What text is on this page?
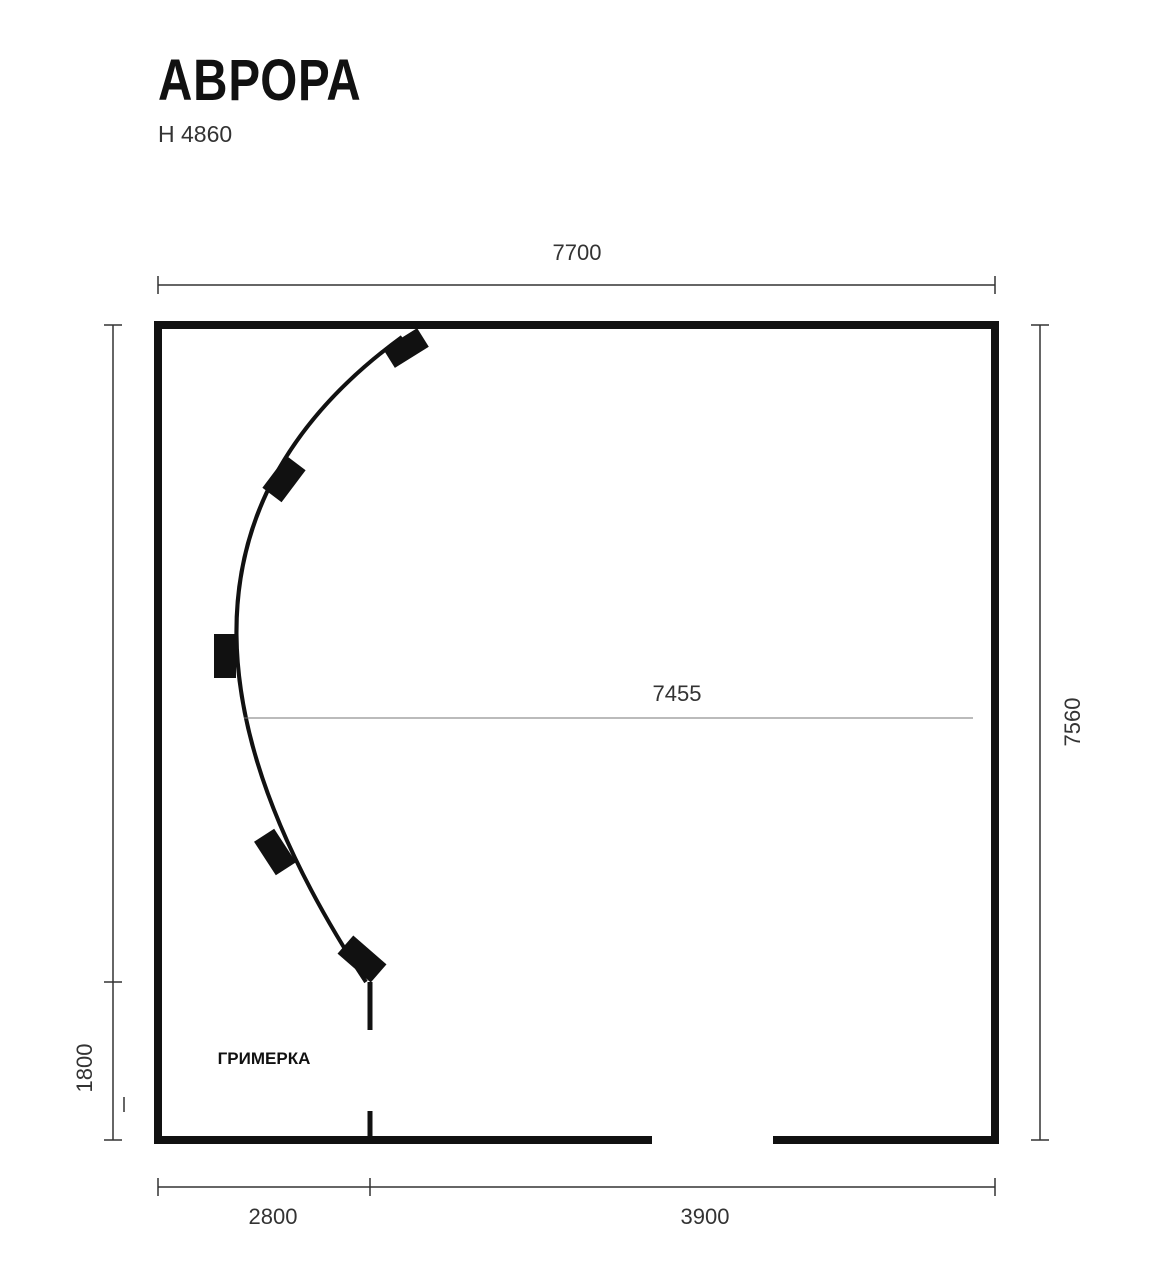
АВРОРА
Н 4860
7700
7560
1800
7455
ГРИМЕРКА
2800	3900
